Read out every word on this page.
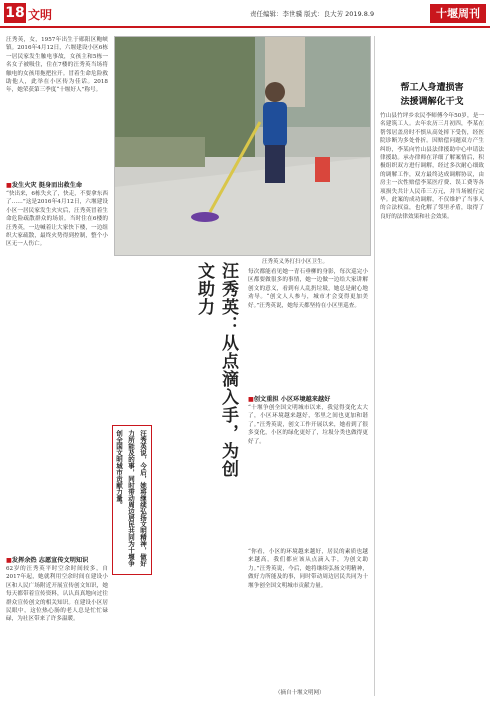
18 文明	责任编辑：李世骥 版式：良大芳 2019.8.9	十堰周刊
汪秀英，女，1957年出生于郧阳区鲍峡镇。2016年4月12日，六堰建设小区6栋一居民家发生触电事故，女孩主和5栋一名女子被吸住，住在7楼的汪秀英当场将触电的女孩用拖把拉开。冒着生命危险救助他人，此举在小区传为佳话。2018年，她荣获第三季度“十堰好人”称号。
■发生火灾 挺身而出救生命
“快出来，6栋失火了，快走，不要拿东西了……”这是2016年4月12日，六堰建设小区一居民家发生火灾后，汪秀英冒着生命危险疏散群众的场景。当时住在6楼的汪秀英，一边喊着让大家快下楼，一边组织大家疏散，最终火势得到控制，整个小区无一人伤亡。
■发挥余热 志愿宣传文明知识
62岁的汪秀英平时空余时间较多，自2017年起，她就利用空余时间在建设小区和人民广场附近开展宣传创文知识，她每天都带着宣传资料，认认真真地向过往群众宣传创文的相关知识。在建设小区居民眼中，这位热心肠的老人总是忙忙碌碌，为社区带来了许多温暖。
汪秀英义务打扫小区卫生。
汪秀英：从点滴入手，为创文助力
汪秀英说，今后，她将继续弘扬文明精神，做好力所能及的事，同时带动周边居民共同为十堰争创全国文明城市贡献力量。
每次都能看见她一青石垂柳的身影，每次巡完小区都要做很多的事情，她一边做一边给大家讲解创文的意义，看到有人乱扔垃圾，她总是耐心地劝导。“创文人人参与，城市才会变得更加美好。”汪秀英说，她每天都坚持在小区里巡查。
■创文重担 小区环境越来越好
“十堰争创全国文明城市以来，我觉得变化太大了，小区环境越来越好，邻里之间也更加和谐了。”汪秀英说，创文工作开展以来，她看到了很多变化，小区的绿化更好了，垃圾分类也做得更好了。
“你看，小区的环境越来越好，居民的素质也越来越高，我们都应该从点滴入手，为创文助力。”汪秀英说，今后，她将继续弘扬文明精神，做好力所能及的事，同时带动周边居民共同为十堰争创全国文明城市贡献力量。
（摘自十堰文明网）
帮工人身遭损害
法援调解化干戈
竹山县竹坪乡农民李师傅今年50岁，是一名建筑工人。去年农历三月初四，李某在帮邻居盖房时不慎从高处摔下受伤，经医院诊断为多处骨折。因赔偿问题双方产生纠纷，李某向竹山县法律援助中心申请法律援助。承办律师在详细了解案情后，积极组织双方进行调解，经过多次耐心细致的调解工作，双方最终达成调解协议，由房主一次性赔偿李某医疗费、误工费等各项损失共计人民币三万元，并当场履行完毕。此案的成功调解，不仅维护了当事人的合法权益，也化解了邻里矛盾，取得了良好的法律效果和社会效果。
